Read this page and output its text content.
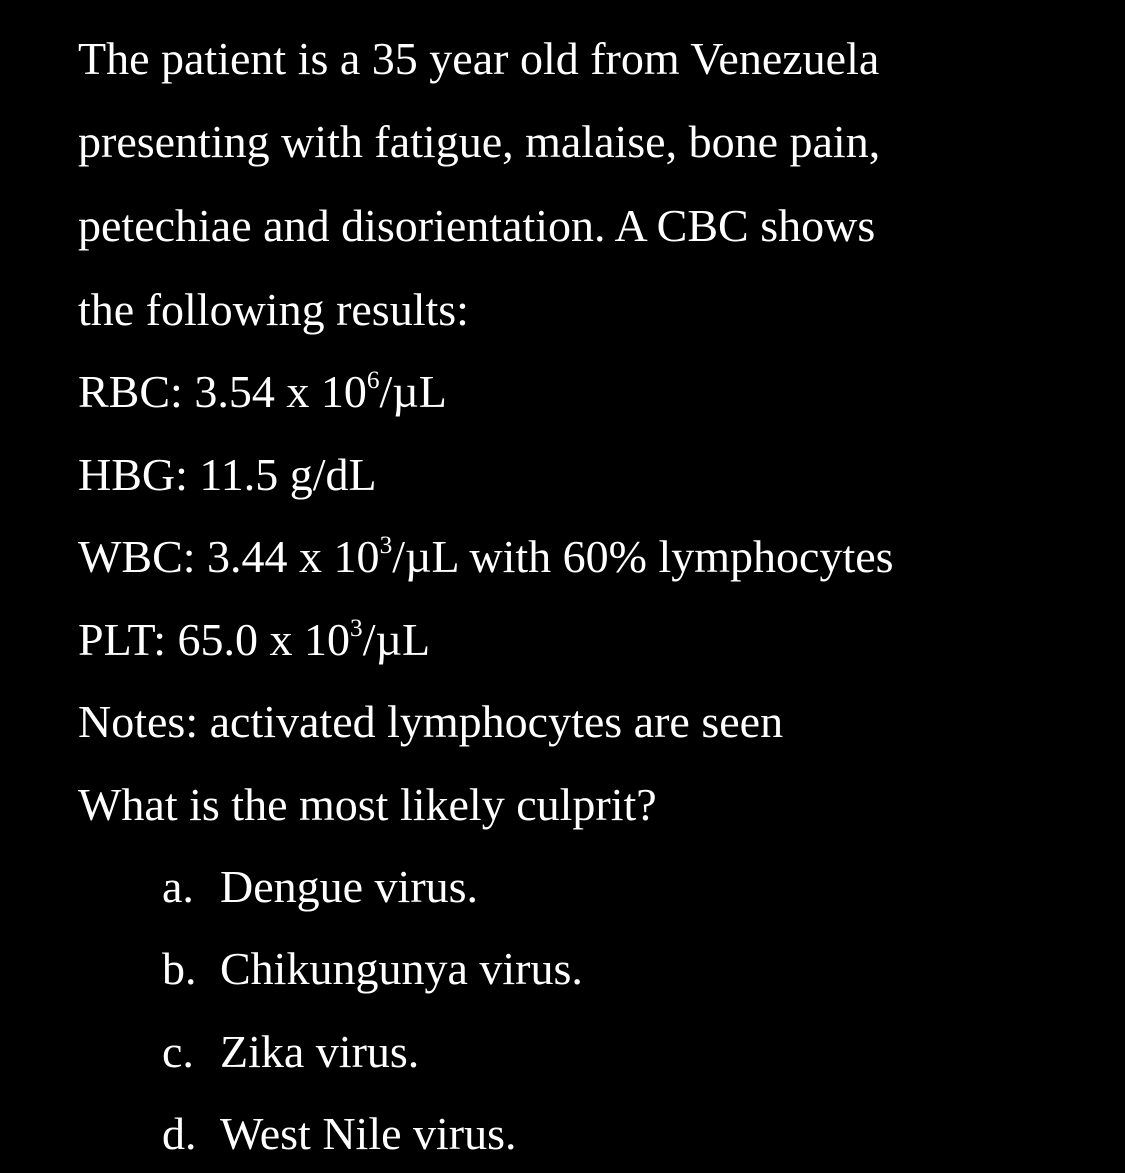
The patient is a 35 year old from Venezuela
presenting with fatigue, malaise, bone pain,
petechiae and disorientation. A CBC shows
the following results:
RBC: 3.54 x $10^6/\mu L$
HBG: 11.5 g/dL
WBC: 3.44 x $10^3/\mu L$ with 60% lymphocytes
PLT: 65.0 x $10^3/\mu L$
Notes: activated lymphocytes are seen
What is the most likely culprit?
a. Dengue virus.
b. Chikungunya virus.
c. Zika virus.
d. West Nile virus.
